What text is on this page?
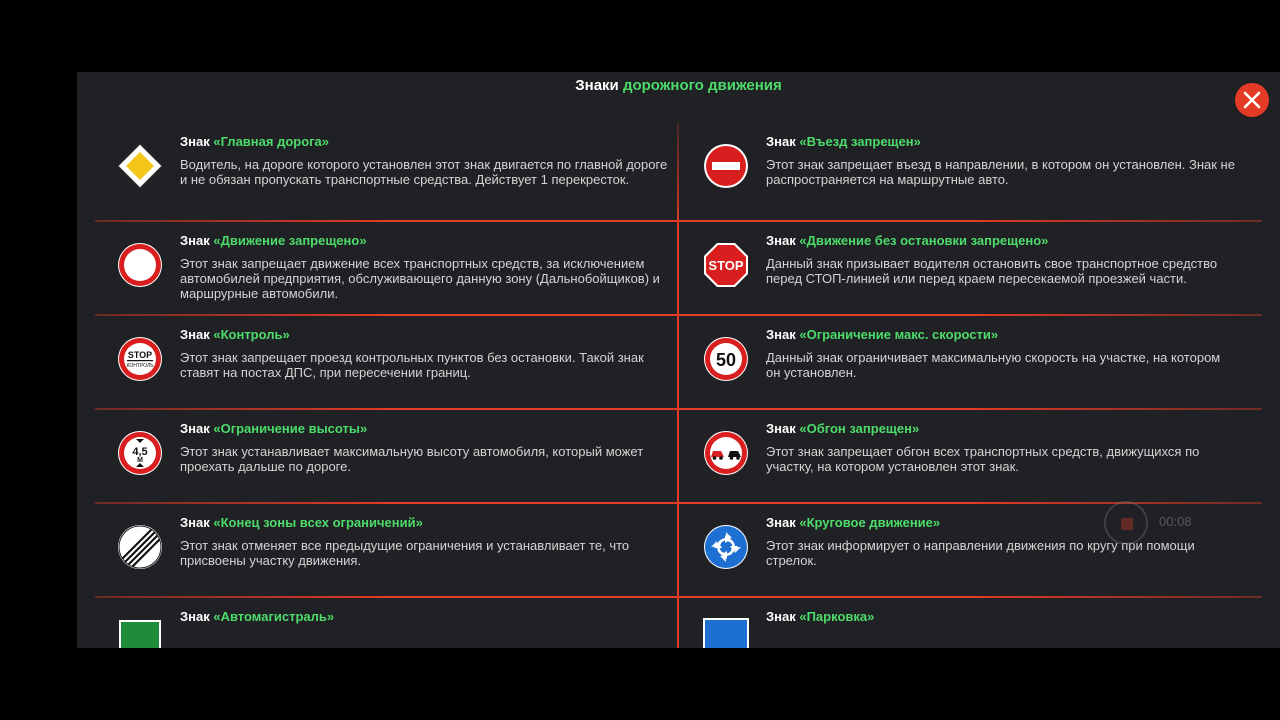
Знаки дорожного движения
Знак «Главная дорога»
Водитель, на дороге которого установлен этот знак двигается по главной дороге и не обязан пропускать транспортные средства. Действует 1 перекресток.
Знак «Въезд запрещен»
Этот знак запрещает въезд в направлении, в котором он установлен. Знак не распространяется на маршрутные авто.
Знак «Движение запрещено»
Этот знак запрещает движение всех транспортных средств, за исключением автомобилей предприятия, обслуживающего данную зону (Дальнобойщиков) и маршрурные автомобили.
STOP
Знак «Движение без остановки запрещено»
Данный знак призывает водителя остановить свое транспортное средство перед СТОП-линией или перед краем пересекаемой проезжей части.
STOP
КОНТРОЛЬ
Знак «Контроль»
Этот знак запрещает проезд контрольных пунктов без остановки. Такой знак ставят на постах ДПС, при пересечении границ.
50
Знак «Ограничение макс. скорости»
Данный знак ограничивает максимальную скорость на участке, на котором он установлен.
4,5
М
Знак «Ограничение высоты»
Этот знак устанавливает максимальную высоту автомобиля, который может проехать дальше по дороге.
Знак «Обгон запрещен»
Этот знак запрещает обгон всех транспортных средств, движущихся по участку, на котором установлен этот знак.
Знак «Конец зоны всех ограничений»
Этот знак отменяет все предыдущие ограничения и устанавливает те, что присвоены участку движения.
Знак «Круговое движение»
Этот знак информирует о направлении движения по кругу при помощи стрелок.
Знак «Автомагистраль»	Знак «Парковка»
00:08
